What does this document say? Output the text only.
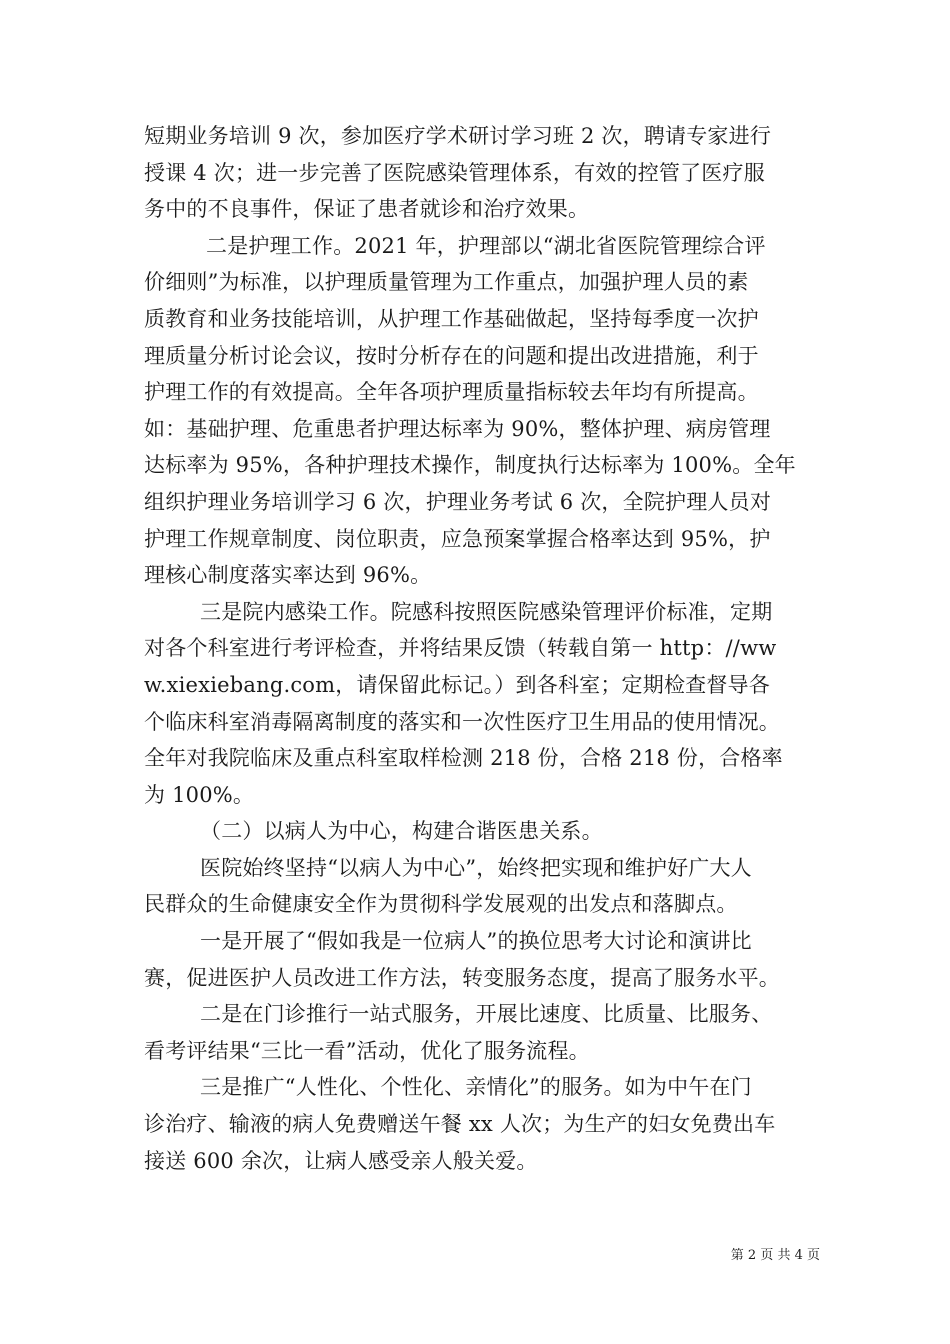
短期业务培训 9 次，参加医疗学术研讨学习班 2 次，聘请专家进行
授课 4 次；进一步完善了医院感染管理体系，有效的控管了医疗服
务中的不良事件，保证了患者就诊和治疗效果。
二是护理工作。2021 年，护理部以“湖北省医院管理综合评
价细则”为标准，以护理质量管理为工作重点，加强护理人员的素
质教育和业务技能培训，从护理工作基础做起，坚持每季度一次护
理质量分析讨论会议，按时分析存在的问题和提出改进措施，利于
护理工作的有效提高。全年各项护理质量指标较去年均有所提高。
如：基础护理、危重患者护理达标率为 90%，整体护理、病房管理
达标率为 95%，各种护理技术操作，制度执行达标率为 100%。全年
组织护理业务培训学习 6 次，护理业务考试 6 次，全院护理人员对
护理工作规章制度、岗位职责，应急预案掌握合格率达到 95%，护
理核心制度落实率达到 96%。
三是院内感染工作。院感科按照医院感染管理评价标准，定期
对各个科室进行考评检查，并将结果反馈（转载自第一 http：//ww
w.xiexiebang.com，请保留此标记。）到各科室；定期检查督导各
个临床科室消毒隔离制度的落实和一次性医疗卫生用品的使用情况。
全年对我院临床及重点科室取样检测 218 份，合格 218 份，合格率
为 100%。
（二）以病人为中心，构建合谐医患关系。
医院始终坚持“以病人为中心”，始终把实现和维护好广大人
民群众的生命健康安全作为贯彻科学发展观的出发点和落脚点。
一是开展了“假如我是一位病人”的换位思考大讨论和演讲比
赛，促进医护人员改进工作方法，转变服务态度，提高了服务水平。
二是在门诊推行一站式服务，开展比速度、比质量、比服务、
看考评结果“三比一看”活动，优化了服务流程。
三是推广“人性化、个性化、亲情化”的服务。如为中午在门
诊治疗、输液的病人免费赠送午餐 xx 人次；为生产的妇女免费出车
接送 600 余次，让病人感受亲人般关爱。
第 2 页 共 4 页
